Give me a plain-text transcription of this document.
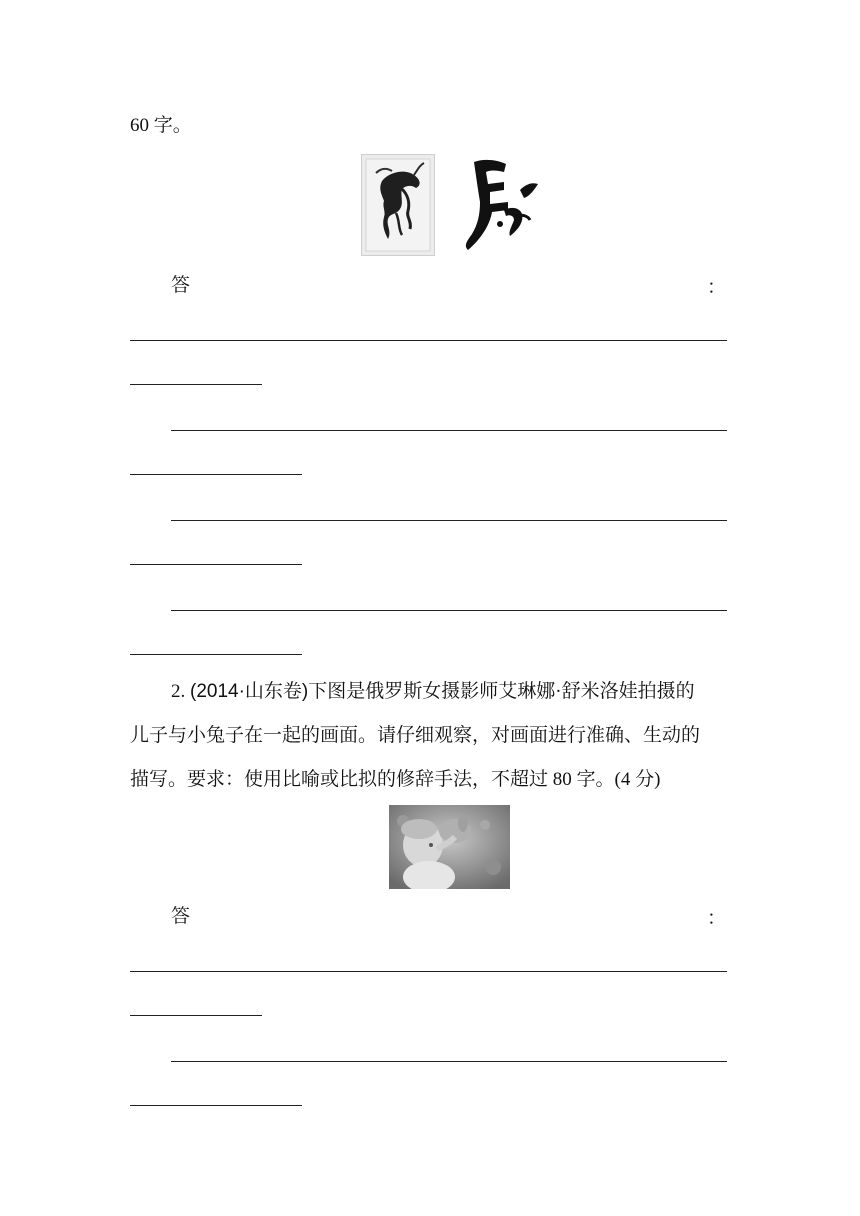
60 字。
答	：
2. (2014·山东卷)下图是俄罗斯女摄影师艾琳娜·舒米洛娃拍摄的
儿子与小兔子在一起的画面。请仔细观察，对画面进行准确、生动的
描写。要求：使用比喻或比拟的修辞手法，不超过 80 字。(4 分)
答	：
